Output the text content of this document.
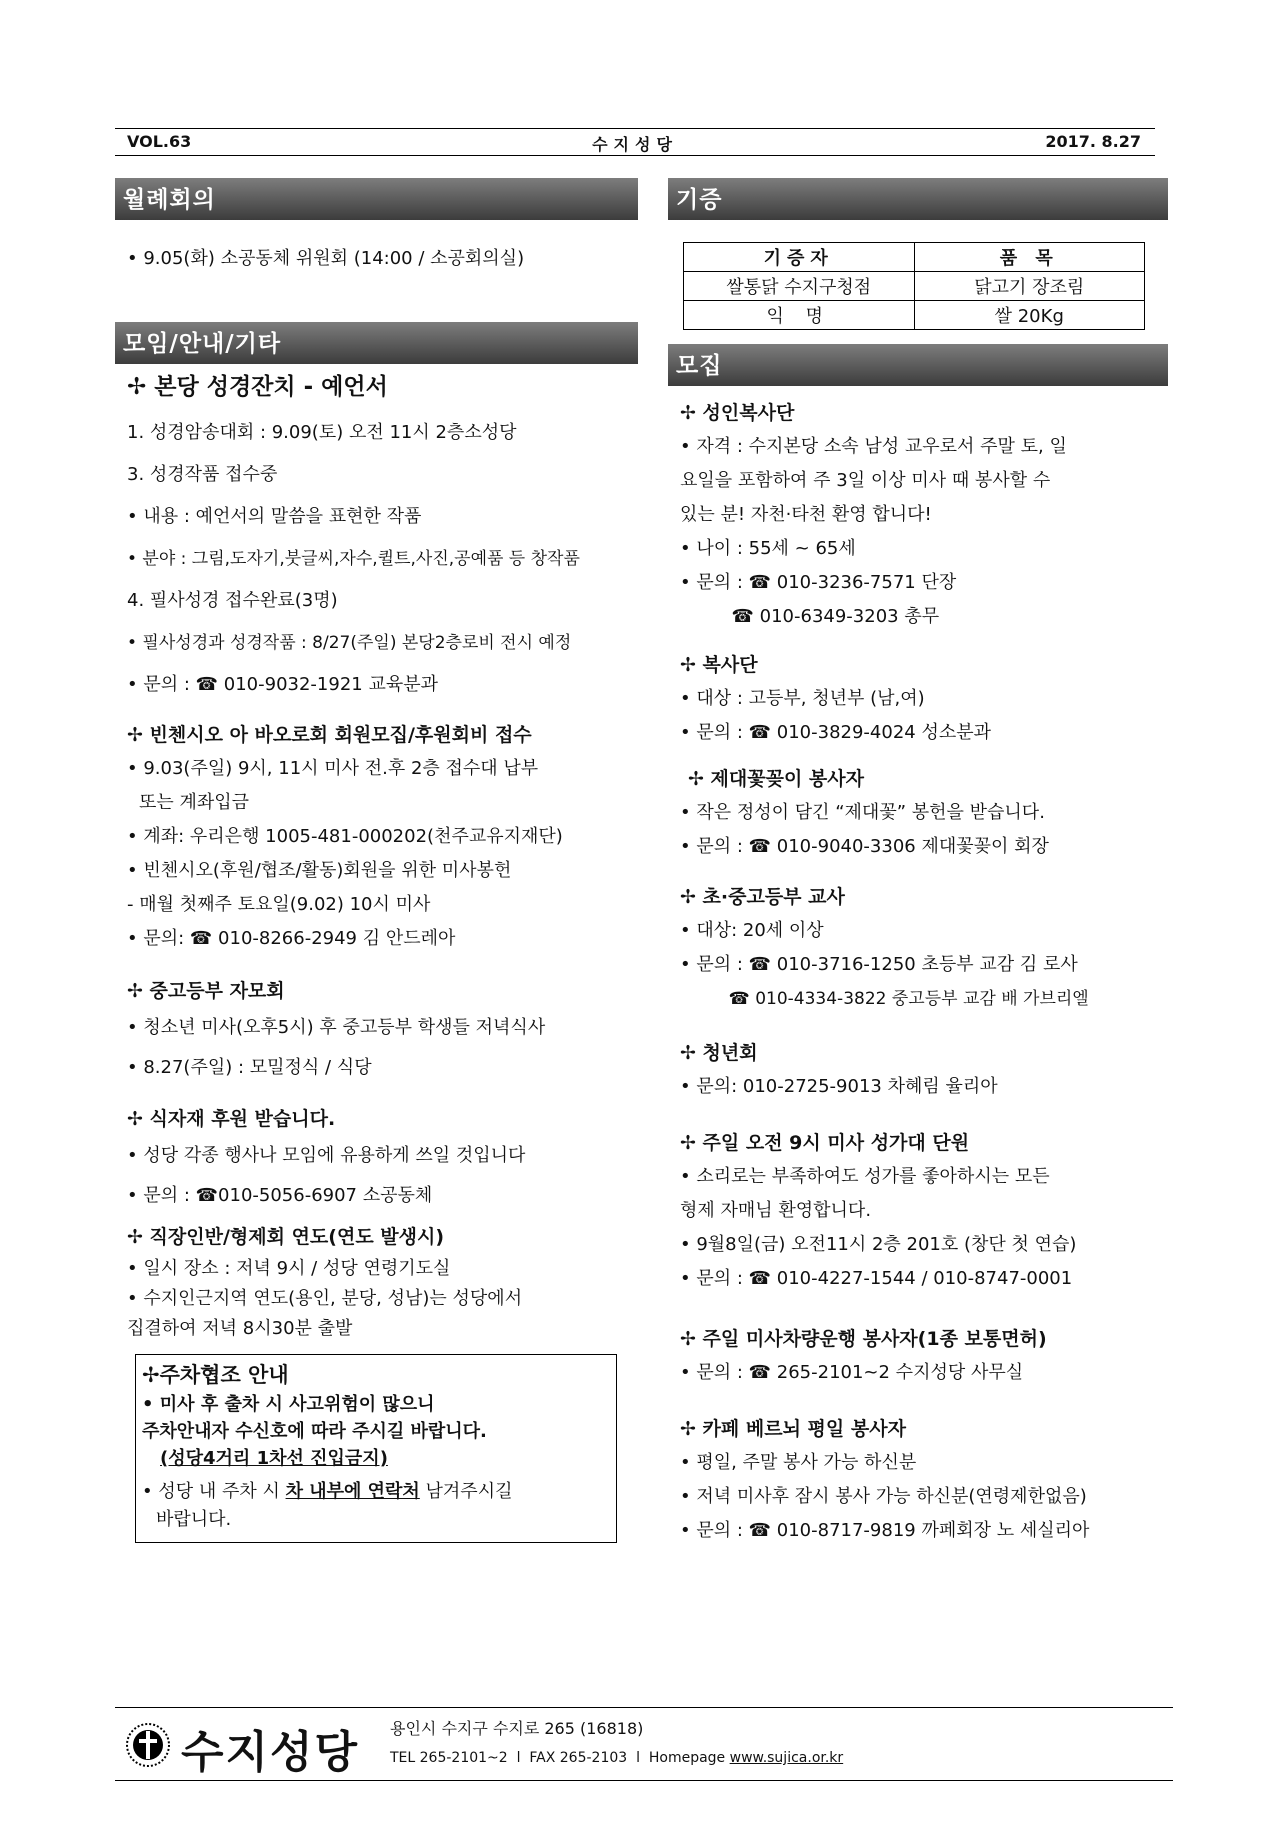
VOL.63	수지성당	2017. 8.27
월례회의
• 9.05(화) 소공동체 위원회 (14:00 / 소공회의실)
모임/안내/기타
✢ 본당 성경잔치 - 예언서
1. 성경암송대회 : 9.09(토) 오전 11시 2층소성당
3. 성경작품 접수중
• 내용 : 예언서의 말씀을 표현한 작품
• 분야 : 그림,도자기,붓글씨,자수,퀼트,사진,공예품 등 창작품
4. 필사성경 접수완료(3명)
• 필사성경과 성경작품 : 8/27(주일) 본당2층로비 전시 예정
• 문의 : ☎ 010-9032-1921 교육분과
✢ 빈첸시오 아 바오로회 회원모집/후원회비 접수
• 9.03(주일) 9시, 11시 미사 전.후 2층 접수대 납부
또는 계좌입금
• 계좌: 우리은행 1005-481-000202(천주교유지재단)
• 빈첸시오(후원/협조/활동)회원을 위한 미사봉헌
- 매월 첫째주 토요일(9.02) 10시 미사
• 문의: ☎ 010-8266-2949 김 안드레아
✢ 중고등부 자모회
• 청소년 미사(오후5시) 후 중고등부 학생들 저녁식사
• 8.27(주일) : 모밀정식 / 식당
✢ 식자재 후원 받습니다.
• 성당 각종 행사나 모임에 유용하게 쓰일 것입니다
• 문의 : ☎010-5056-6907 소공동체
✢ 직장인반/형제회 연도(연도 발생시)
• 일시 장소 : 저녁 9시 / 성당 연령기도실
• 수지인근지역 연도(용인, 분당, 성남)는 성당에서
집결하여 저녁 8시30분 출발
✢주차협조 안내
• 미사 후 출차 시 사고위험이 많으니
주차안내자 수신호에 따라 주시길 바랍니다.
(성당4거리 1차선 진입금지)
• 성당 내 주차 시 차 내부에 연락처 남겨주시길
바랍니다.
기증
기증자	품 목
쌀통닭 수지구청점	닭고기 장조림
익 명	쌀 20Kg
모집
✢ 성인복사단
• 자격 : 수지본당 소속 남성 교우로서 주말 토, 일
요일을 포함하여 주 3일 이상 미사 때 봉사할 수
있는 분! 자천·타천 환영 합니다!
• 나이 : 55세 ~ 65세
• 문의 : ☎ 010-3236-7571 단장
☎ 010-6349-3203 총무
✢ 복사단
• 대상 : 고등부, 청년부 (남,여)
• 문의 : ☎ 010-3829-4024 성소분과
✢ 제대꽃꽂이 봉사자
• 작은 정성이 담긴 “제대꽃” 봉헌을 받습니다.
• 문의 : ☎ 010-9040-3306 제대꽃꽂이 회장
✢ 초·중고등부 교사
• 대상: 20세 이상
• 문의 : ☎ 010-3716-1250 초등부 교감 김 로사
☎ 010-4334-3822 중고등부 교감 배 가브리엘
✢ 청년회
• 문의: 010-2725-9013 차혜림 율리아
✢ 주일 오전 9시 미사 성가대 단원
• 소리로는 부족하여도 성가를 좋아하시는 모든
형제 자매님 환영합니다.
• 9월8일(금) 오전11시 2층 201호 (창단 첫 연습)
• 문의 : ☎ 010-4227-1544 / 010-8747-0001
✢ 주일 미사차량운행 봉사자(1종 보통면허)
• 문의 : ☎ 265-2101~2 수지성당 사무실
✢ 카페 베르뇌 평일 봉사자
• 평일, 주말 봉사 가능 하신분
• 저녁 미사후 잠시 봉사 가능 하신분(연령제한없음)
• 문의 : ☎ 010-8717-9819 까페회장 노 세실리아
수지성당 용인시 수지구 수지로 265 (16818)
TEL 265-2101~2  l  FAX 265-2103  l  Homepage www.sujica.or.kr
